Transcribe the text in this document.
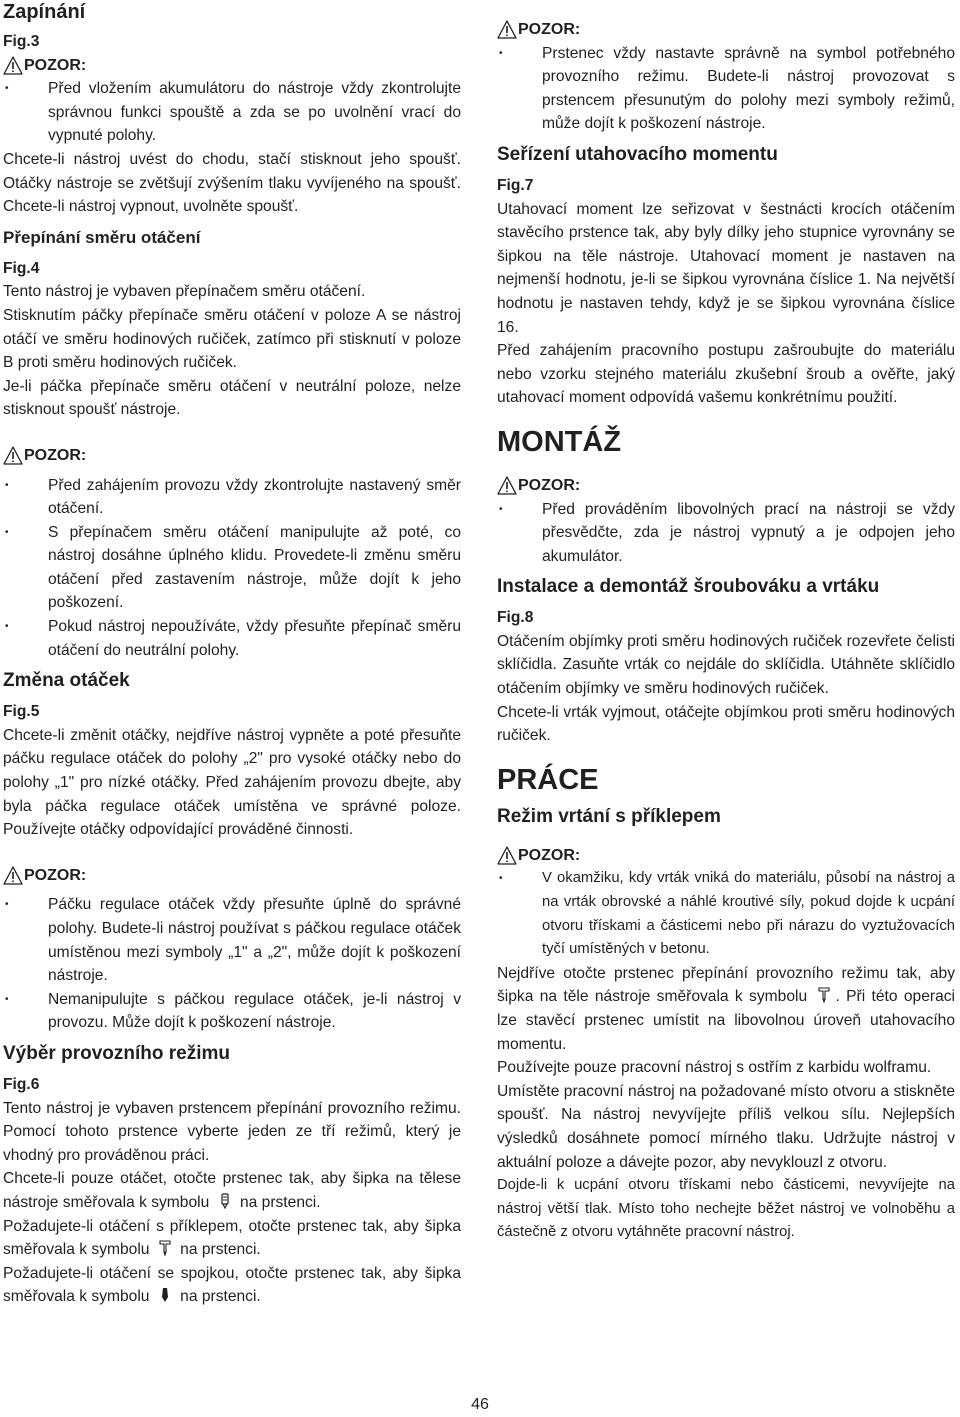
Zapínání
Fig.3
POZOR:
• Před vložením akumulátoru do nástroje vždy zkontrolujte správnou funkci spouště a zda se po uvolnění vrací do vypnuté polohy.

Chcete-li nástroj uvést do chodu, stačí stisknout jeho spoušť. Otáčky nástroje se zvětšují zvýšením tlaku vyvíjeného na spoušť. Chcete-li nástroj vypnout, uvolněte spoušť.

Přepínání směru otáčení
Fig.4

Tento nástroj je vybaven přepínačem směru otáčení.

Stisknutím páčky přepínače směru otáčení v poloze A se nástroj otáčí ve směru hodinových ručiček, zatímco při stisknutí v poloze B proti směru hodinových ručiček.

Je-li páčka přepínače směru otáčení v neutrální poloze, nelze stisknout spoušť nástroje.

POZOR:
• Před zahájením provozu vždy zkontrolujte nastavený směr otáčení.
• S přepínačem směru otáčení manipulujte až poté, co nástroj dosáhne úplného klidu. Provedete-li změnu směru otáčení před zastavením nástroje, může dojít k jeho poškození.
• Pokud nástroj nepoužíváte, vždy přesuňte přepínač směru otáčení do neutrální polohy.
Změna otáček
Fig.5

Chcete-li změnit otáčky, nejdříve nástroj vypněte a poté přesuňte páčku regulace otáček do polohy „2" pro vysoké otáčky nebo do polohy „1" pro nízké otáčky. Před zahájením provozu dbejte, aby byla páčka regulace otáček umístěna ve správné poloze. Používejte otáčky odpovídající prováděné činnosti.

POZOR:
• Páčku regulace otáček vždy přesuňte úplně do správné polohy. Budete-li nástroj používat s páčkou regulace otáček umístěnou mezi symboly „1" a „2", může dojít k poškození nástroje.
• Nemanipulujte s páčkou regulace otáček, je-li nástroj v provozu. Může dojít k poškození nástroje.
Výběr provozního režimu
Fig.6

Tento nástroj je vybaven prstencem přepínání provozního režimu. Pomocí tohoto prstence vyberte jeden ze tří režimů, který je vhodný pro prováděnou práci.

Chcete-li pouze otáčet, otočte prstenec tak, aby šipka na tělese nástroje směřovala k symbolu na prstenci.

Požadujete-li otáčení s příklepem, otočte prstenec tak, aby šipka směřovala k symbolu na prstenci.

Požadujete-li otáčení se spojkou, otočte prstenec tak, aby šipka směřovala k symbolu na prstenci.

POZOR:
• Prstenec vždy nastavte správně na symbol potřebného provozního režimu. Budete-li nástroj provozovat s prstencem přesunutým do polohy mezi symboly režimů, může dojít k poškození nástroje.
Seřízení utahovacího momentu
Fig.7

Utahovací moment lze seřizovat v šestnácti krocích otáčením stavěcího prstence tak, aby byly dílky jeho stupnice vyrovnány se šipkou na těle nástroje. Utahovací moment je nastaven na nejmenší hodnotu, je-li se šipkou vyrovnána číslice 1. Na největší hodnotu je nastaven tehdy, když je se šipkou vyrovnána číslice 16.

Před zahájením pracovního postupu zašroubujte do materiálu nebo vzorku stejného materiálu zkušební šroub a ověřte, jaký utahovací moment odpovídá vašemu konkrétnímu použití.

MONTÁŽ
POZOR:
• Před prováděním libovolných prací na nástroji se vždy přesvědčte, zda je nástroj vypnutý a je odpojen jeho akumulátor.
Instalace a demontáž šroubováku a vrtáku
Fig.8

Otáčením objímky proti směru hodinových ručiček rozevřete čelisti sklíčidla. Zasuňte vrták co nejdále do sklíčidla. Utáhněte sklíčidlo otáčením objímky ve směru hodinových ručiček.

Chcete-li vrták vyjmout, otáčejte objímkou proti směru hodinových ručiček.

PRÁCE
Režim vrtání s příklepem
POZOR:
• V okamžiku, kdy vrták vniká do materiálu, působí na nástroj a na vrták obrovské a náhlé kroutivé síly, pokud dojde k ucpání otvoru třískami a částicemi nebo při nárazu do vyztužovacích tyčí umístěných v betonu.

Nejdříve otočte prstenec přepínání provozního režimu tak, aby šipka na těle nástroje směřovala k symbolu . Při této operaci lze stavěcí prstenec umístit na libovolnou úroveň utahovacího momentu.

Používejte pouze pracovní nástroj s ostřím z karbidu wolframu.

Umístěte pracovní nástroj na požadované místo otvoru a stiskněte spoušť. Na nástroj nevyvíjejte příliš velkou sílu. Nejlepších výsledků dosáhnete pomocí mírného tlaku. Udržujte nástroj v aktuální poloze a dávejte pozor, aby nevyklouzl z otvoru.

Dojde-li k ucpání otvoru třískami nebo částicemi, nevyvíjejte na nástroj větší tlak. Místo toho nechejte běžet nástroj ve volnoběhu a částečně z otvoru vytáhněte pracovní nástroj.

46
